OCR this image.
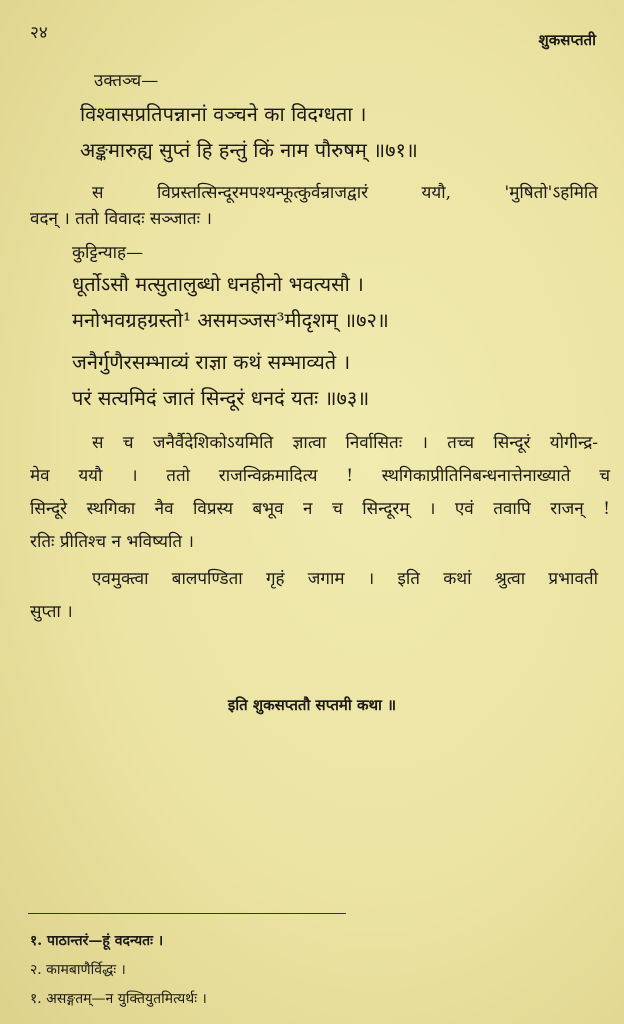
२४	शुकसप्तती
उक्तञ्च—
विश्वासप्रतिपन्नानां वञ्चने का विदग्धता ।
अङ्कमारुह्य सुप्तं हि हन्तुं किं नाम पौरुषम् ॥७१॥
स विप्रस्तत्सिन्दूरमपश्यन्फूत्कुर्वन्राजद्वारं ययौ, 'मुषितो'ऽहमिति
वदन् । ततो विवादः सञ्जातः ।
कुट्टिन्याह—
धूर्तोऽसौ मत्सुतालुब्धो धनहीनो भवत्यसौ ।
मनोभवग्रहग्रस्तो¹ असमञ्जस³मीदृशम् ॥७२॥
जनैर्गुणैरसम्भाव्यं राज्ञा कथं सम्भाव्यते ।
परं सत्यमिदं जातं सिन्दूरं धनदं यतः ॥७३॥
स च जनैर्वैदेशिकोऽयमिति ज्ञात्वा निर्वासितः । तच्च सिन्दूरं योगीन्द्र-
मेव ययौ । ततो राजन्विक्रमादित्य ! स्थगिकाप्रीतिनिबन्धनात्तेनाख्याते च
सिन्दूरे स्थगिका नैव विप्रस्य बभूव न च सिन्दूरम् । एवं तवापि राजन् !
रतिः प्रीतिश्च न भविष्यति ।
एवमुक्त्वा बालपण्डिता गृहं जगाम । इति कथां श्रुत्वा प्रभावती
सुप्ता ।
इति शुकसप्ततौ सप्तमी कथा ॥
१. पाठान्तरं—हूं वदन्यतः ।
२. कामबाणैर्विद्धः ।
१. असङ्गतम्—न युक्तियुतमित्यर्थः ।
